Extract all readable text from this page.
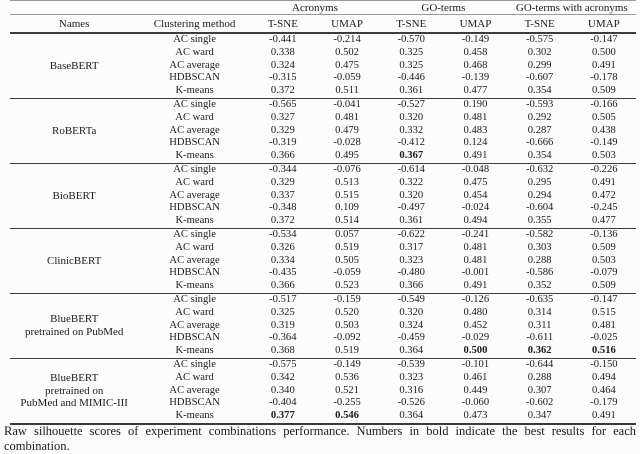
		Acronyms		GO-terms		GO-terms with acronyms	
Names	Clustering method	T-SNE	UMAP	T-SNE	UMAP	T-SNE	UMAP

BaseBERT	AC single	-0.441	-0.214	-0.570	-0.149	-0.575	-0.147
	AC ward	0.338	0.502	0.325	0.458	0.302	0.500
	AC average	0.324	0.475	0.325	0.468	0.299	0.491
	HDBSCAN	-0.315	-0.059	-0.446	-0.139	-0.607	-0.178
	K-means	0.372	0.511	0.361	0.477	0.354	0.509

RoBERTa	AC single	-0.565	-0.041	-0.527	0.190	-0.593	-0.166
	AC ward	0.327	0.481	0.320	0.481	0.292	0.505
	AC average	0.329	0.479	0.332	0.483	0.287	0.438
	HDBSCAN	-0.319	-0.028	-0.412	0.124	-0.666	-0.149
	K-means	0.366	0.495	0.367	0.491	0.354	0.503

BioBERT	AC single	-0.344	-0.076	-0.614	-0.048	-0.632	-0.226
	AC ward	0.329	0.513	0.322	0.475	0.295	0.491
	AC average	0.337	0.515	0.320	0.454	0.294	0.472
	HDBSCAN	-0.348	0.109	-0.497	-0.024	-0.604	-0.245
	K-means	0.372	0.514	0.361	0.494	0.355	0.477

ClinicBERT	AC single	-0.534	0.057	-0.622	-0.241	-0.582	-0.136
	AC ward	0.326	0.519	0.317	0.481	0.303	0.509
	AC average	0.334	0.505	0.323	0.481	0.288	0.503
	HDBSCAN	-0.435	-0.059	-0.480	-0.001	-0.586	-0.079
	K-means	0.366	0.523	0.366	0.491	0.352	0.509

BlueBERT
pretrained on PubMed	AC single	-0.517	-0.159	-0.549	-0.126	-0.635	-0.147
	AC ward	0.325	0.520	0.320	0.480	0.314	0.515
	AC average	0.319	0.503	0.324	0.452	0.311	0.481
	HDBSCAN	-0.364	-0.092	-0.459	-0.029	-0.611	-0.025
	K-means	0.368	0.519	0.364	0.500	0.362	0.516

BlueBERT
pretrained on
PubMed and MIMIC-III	AC single	-0.575	-0.149	-0.539	-0.101	-0.644	-0.150
	AC ward	0.342	0.536	0.323	0.461	0.288	0.494
	AC average	0.340	0.521	0.316	0.449	0.307	0.464
	HDBSCAN	-0.404	-0.255	-0.526	-0.060	-0.602	-0.179
	K-means	0.377	0.546	0.364	0.473	0.347	0.491
Raw silhouette scores of experiment combinations performance. Numbers in bold indicate the best results for each combination.
